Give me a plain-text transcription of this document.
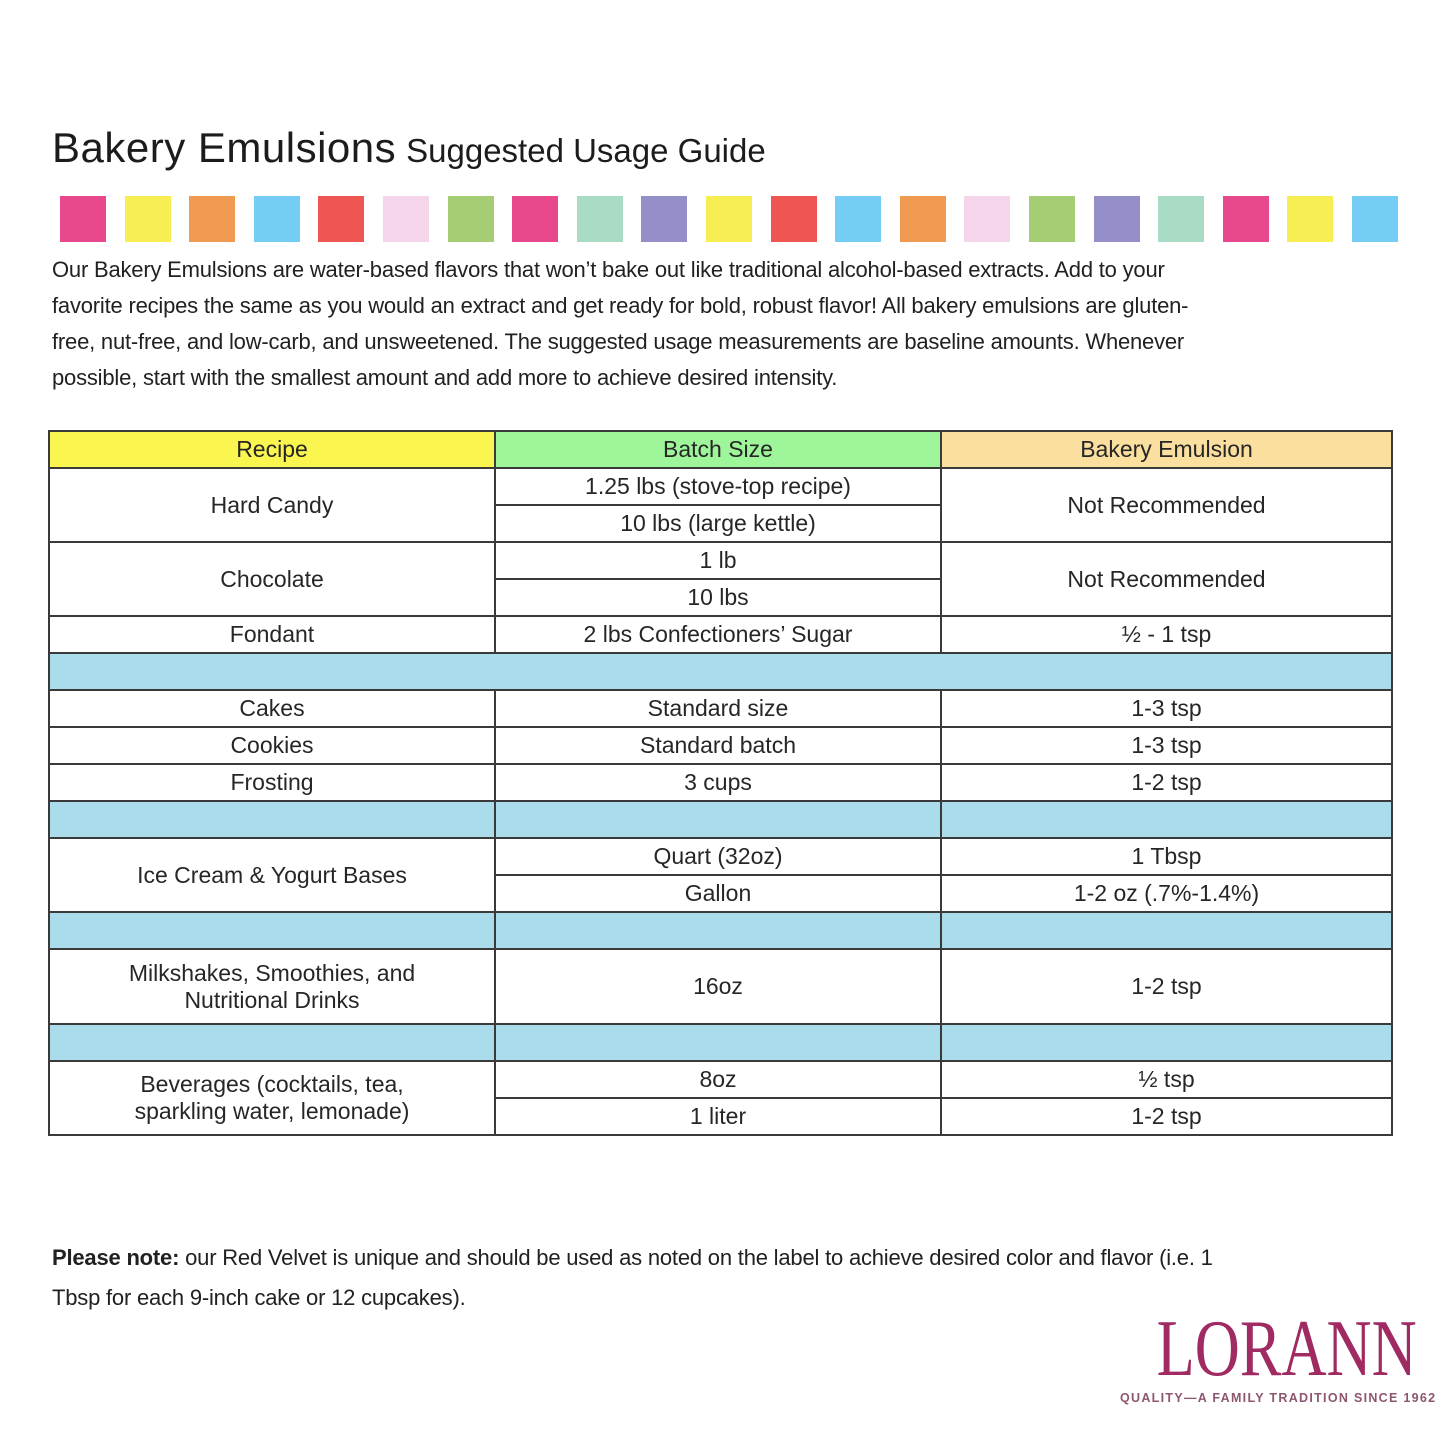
Bakery Emulsions Suggested Usage Guide
Our Bakery Emulsions are water-based flavors that won’t bake out like traditional alcohol-based extracts. Add to your
favorite recipes the same as you would an extract and get ready for bold, robust flavor! All bakery emulsions are gluten-
free, nut-free, and low-carb, and unsweetened. The suggested usage measurements are baseline amounts. Whenever
possible, start with the smallest amount and add more to achieve desired intensity.
Recipe	Batch Size	Bakery Emulsion
Hard Candy	1.25 lbs (stove-top recipe)	Not Recommended
	10 lbs (large kettle)	
Chocolate	1 lb	Not Recommended
	10 lbs	
Fondant	2 lbs Confectioners’ Sugar	½ - 1 tsp

Cakes	Standard size	1-3 tsp
Cookies	Standard batch	1-3 tsp
Frosting	3 cups	1-2 tsp

Ice Cream & Yogurt Bases	Quart (32oz)	1 Tbsp
	Gallon	1-2 oz (.7%-1.4%)

Milkshakes, Smoothies, and Nutritional Drinks	16oz	1-2 tsp

Beverages (cocktails, tea, sparkling water, lemonade)	8oz	½ tsp
	1 liter	1-2 tsp
Please note: our Red Velvet is unique and should be used as noted on the label to achieve desired color and flavor (i.e. 1
Tbsp for each 9-inch cake or 12 cupcakes).
LORANN
QUALITY—A FAMILY TRADITION SINCE 1962
